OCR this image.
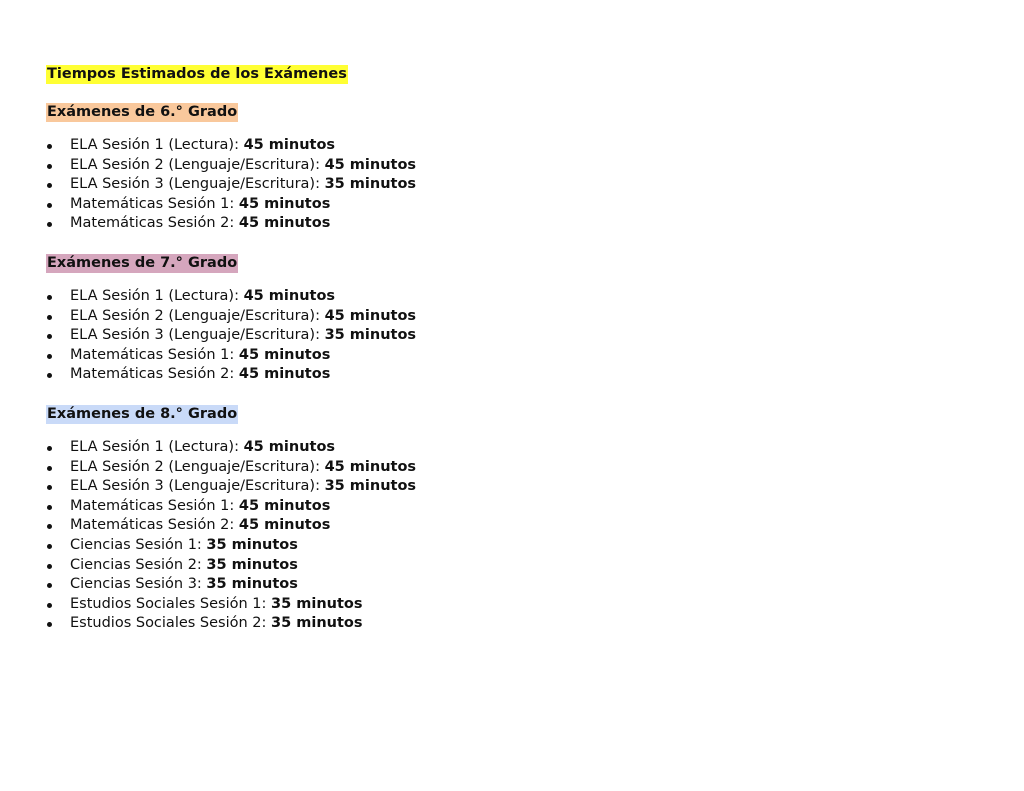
Tiempos Estimados de los Exámenes
Exámenes de 6.° Grado
ELA Sesión 1 (Lectura): 45 minutos
ELA Sesión 2 (Lenguaje/Escritura): 45 minutos
ELA Sesión 3 (Lenguaje/Escritura): 35 minutos
Matemáticas Sesión 1: 45 minutos
Matemáticas Sesión 2: 45 minutos
Exámenes de 7.° Grado
ELA Sesión 1 (Lectura): 45 minutos
ELA Sesión 2 (Lenguaje/Escritura): 45 minutos
ELA Sesión 3 (Lenguaje/Escritura): 35 minutos
Matemáticas Sesión 1: 45 minutos
Matemáticas Sesión 2: 45 minutos
Exámenes de 8.° Grado
ELA Sesión 1 (Lectura): 45 minutos
ELA Sesión 2 (Lenguaje/Escritura): 45 minutos
ELA Sesión 3 (Lenguaje/Escritura): 35 minutos
Matemáticas Sesión 1: 45 minutos
Matemáticas Sesión 2: 45 minutos
Ciencias Sesión 1: 35 minutos
Ciencias Sesión 2: 35 minutos
Ciencias Sesión 3: 35 minutos
Estudios Sociales Sesión 1: 35 minutos
Estudios Sociales Sesión 2: 35 minutos
